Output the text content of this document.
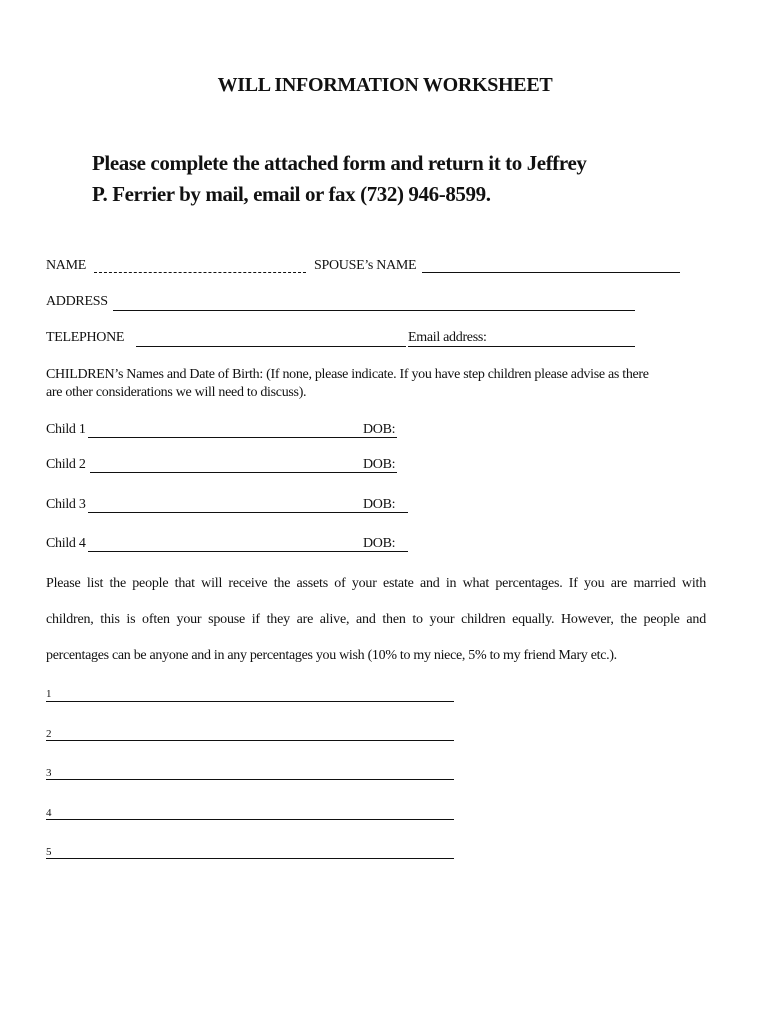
WILL INFORMATION WORKSHEET
Please complete the attached form and return it to Jeffrey
P. Ferrier by mail, email or fax (732) 946-8599.
NAME	SPOUSE’s NAME
ADDRESS
TELEPHONE	Email address:
CHILDREN’s Names and Date of Birth: (If none, please indicate. If you have step children please advise as there
are other considerations we will need to discuss).
Child 1	DOB:
Child 2	DOB:
Child 3	DOB:
Child 4	DOB:
Please list the people that will receive the assets of your estate and in what percentages. If you are married with
children, this is often your spouse if they are alive, and then to your children equally. However, the people and
percentages can be anyone and in any percentages you wish (10% to my niece, 5% to my friend Mary etc.).
1
2
3
4
5
